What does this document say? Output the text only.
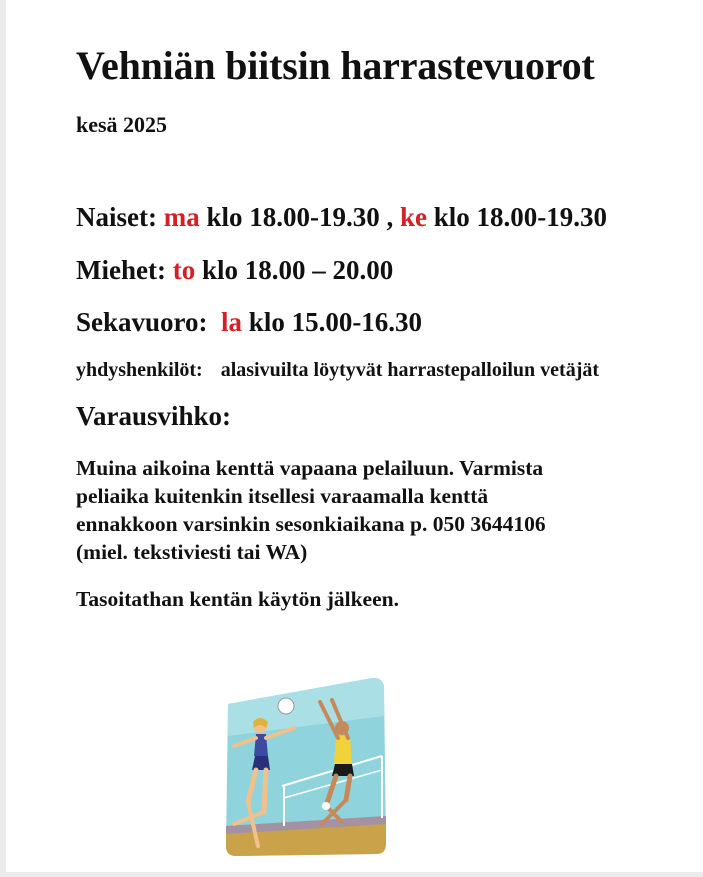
Vehniän biitsin harrastevuorot
kesä 2025
Naiset: ma klo 18.00-19.30 , ke klo 18.00-19.30
Miehet: to klo 18.00 – 20.00
Sekavuoro: la klo 15.00-16.30
yhdyshenkilöt: alasivuilta löytyvät harrastepalloilun vetäjät
Varausvihko:
Muina aikoina kenttä vapaana pelailuun. Varmista
peliaika kuitenkin itsellesi varaamalla kenttä
ennakkoon varsinkin sesonkiaikana p. 050 3644106
(miel. tekstiviesti tai WA)
Tasoitathan kentän käytön jälkeen.
